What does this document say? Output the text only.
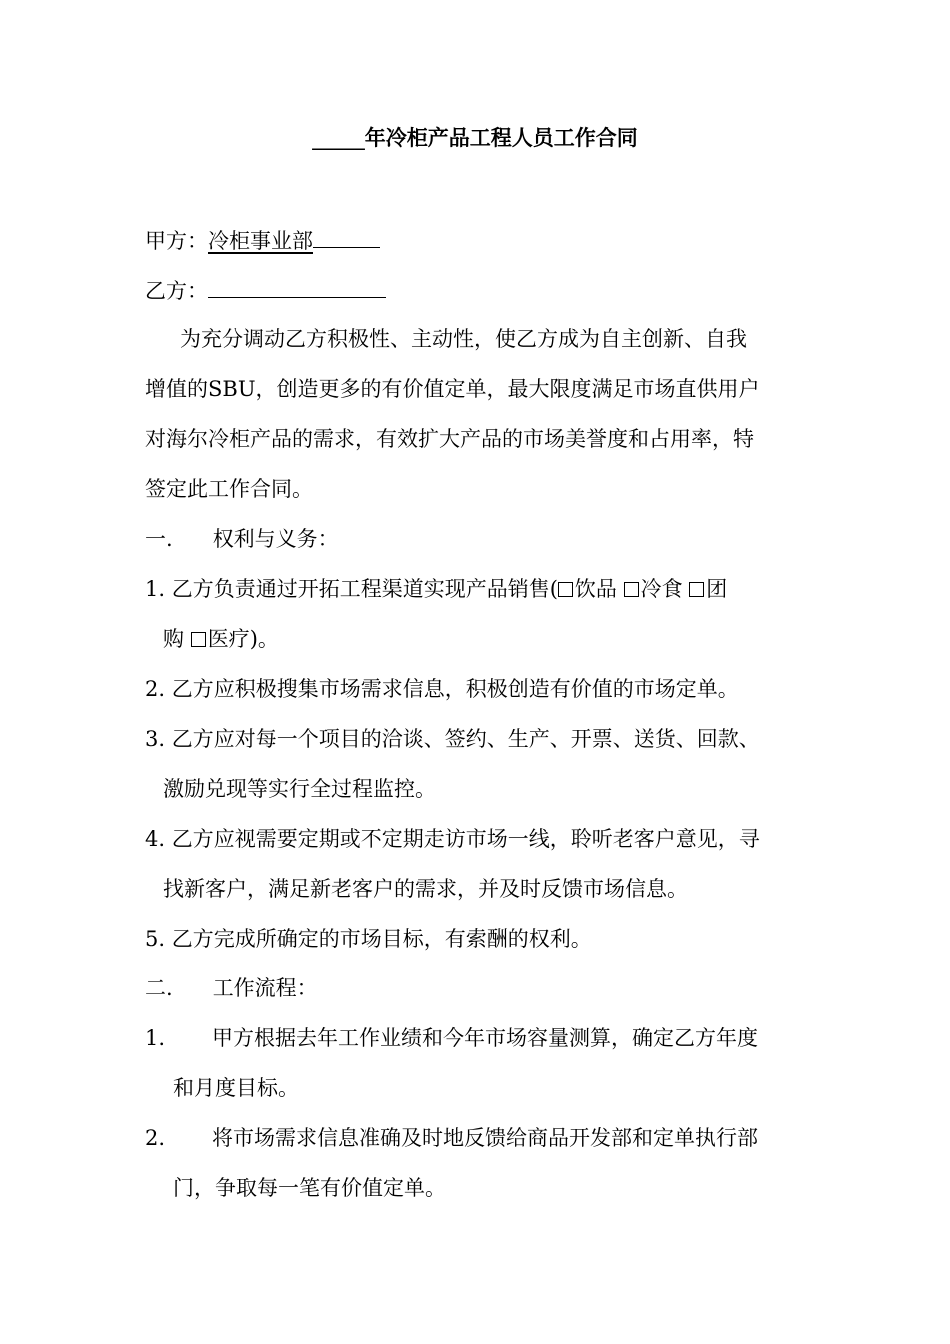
_____年冷柜产品工程人员工作合同
甲方：冷柜事业部
乙方：
为充分调动乙方积极性、主动性，使乙方成为自主创新、自我
增值的SBU，创造更多的有价值定单，最大限度满足市场直供用户
对海尔冷柜产品的需求，有效扩大产品的市场美誉度和占用率，特
签定此工作合同。
一. 权利与义务：
1. 乙方负责通过开拓工程渠道实现产品销售( 饮品 冷食 团
购 医疗)。
2. 乙方应积极搜集市场需求信息，积极创造有价值的市场定单。
3. 乙方应对每一个项目的洽谈、签约、生产、开票、送货、回款、
激励兑现等实行全过程监控。
4. 乙方应视需要定期或不定期走访市场一线，聆听老客户意见，寻
找新客户，满足新老客户的需求，并及时反馈市场信息。
5. 乙方完成所确定的市场目标，有索酬的权利。
二. 工作流程：
1. 甲方根据去年工作业绩和今年市场容量测算，确定乙方年度
和月度目标。
2. 将市场需求信息准确及时地反馈给商品开发部和定单执行部
门，争取每一笔有价值定单。
